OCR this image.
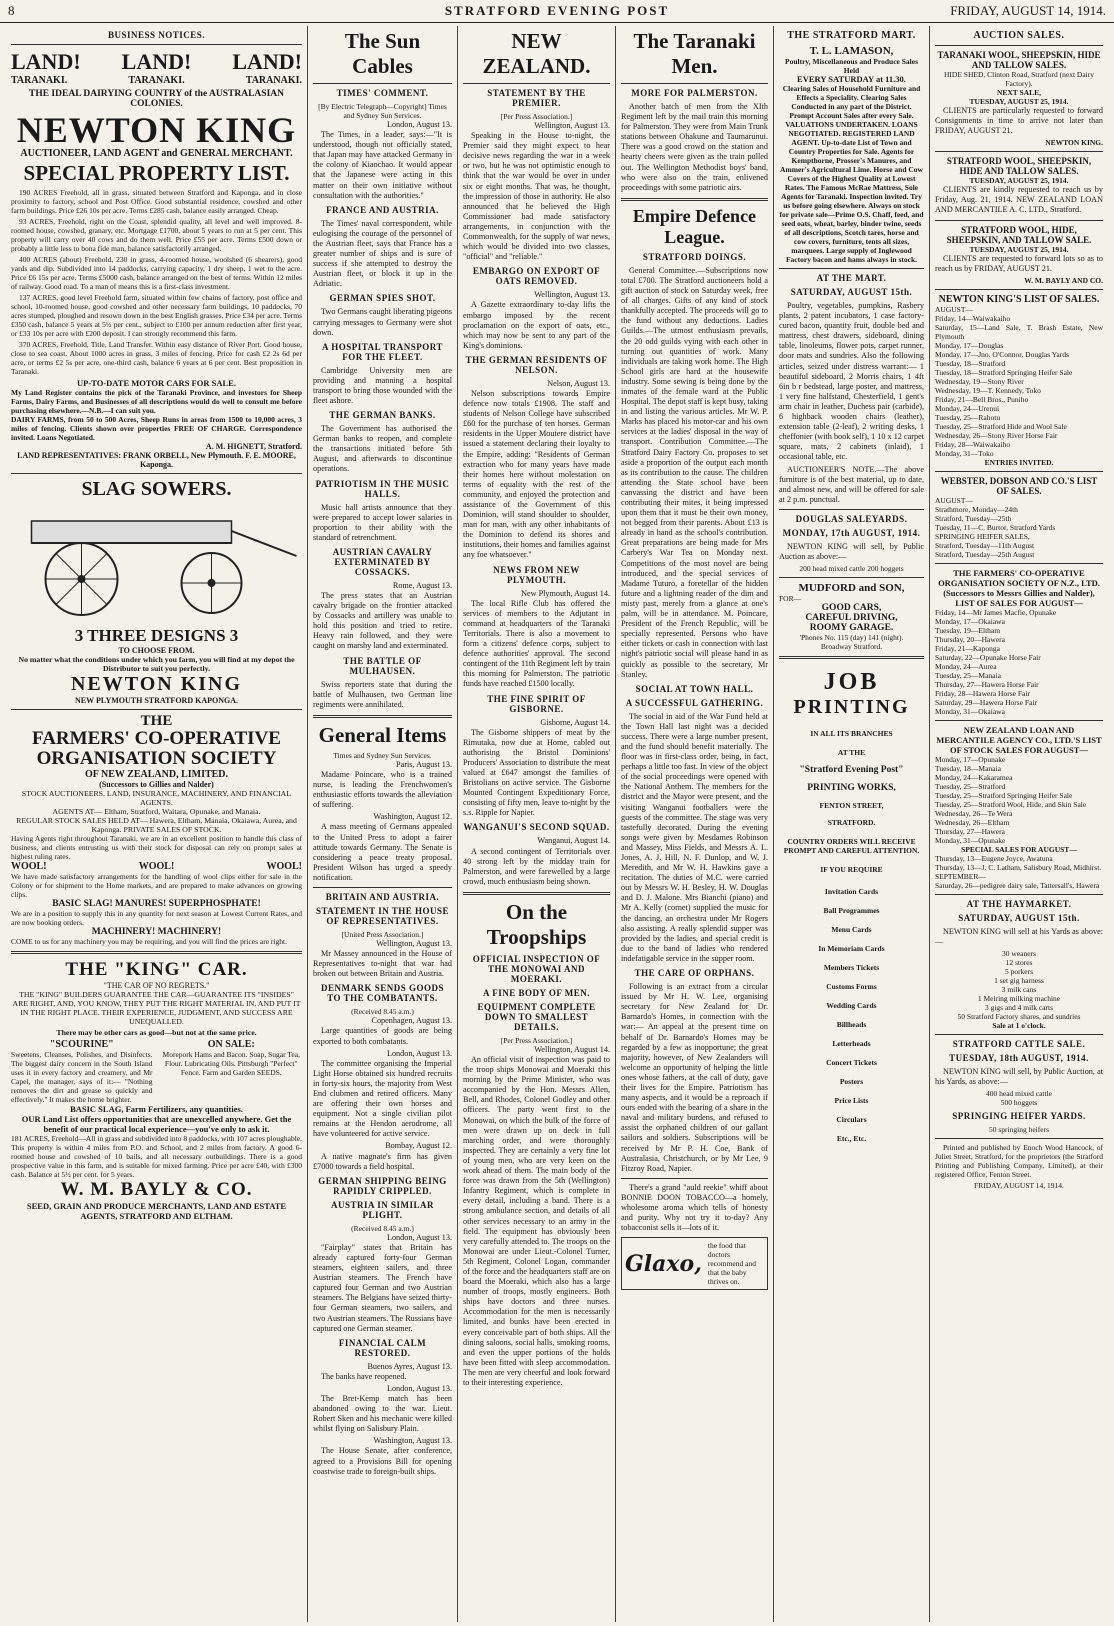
8	STRATFORD EVENING POST	FRIDAY, AUGUST 14, 1914.
BUSINESS NOTICES.
LAND! LAND! LAND!
TARANAKI.	TARANAKI.	TARANAKI.
THE IDEAL DAIRYING COUNTRY of the AUSTRALASIAN COLONIES.
NEWTON KING
AUCTIONEER, LAND AGENT and GENERAL MERCHANT.
SPECIAL PROPERTY LIST.

190 ACRES Freehold, all in grass, situated between Stratford and Kaponga, and in close proximity to factory, school and Post Office. Good substantial residence, cowshed and other farm buildings. Price £26 10s per acre. Terms £285 cash, balance easily arranged. Cheap.

93 ACRES, Freehold, right on the Coast, splendid quality, all level and well improved. 8-roomed house, cowshed, granary, etc. Mortgage £1700, about 5 years to run at 5 per cent. This property will carry over 40 cows and do them well. Price £55 per acre. Terms £500 down or probably a little less to bona fide man, balance satisfactorily arranged.

400 ACRES (about) Freehold, 230 in grass, 4-roomed house, woolshed (6 shearers), good yards and dip. Subdivided into 14 paddocks, carrying capacity, 1 dry sheep, 1 wet to the acre. Price £6 15s per acre. Terms £5000 cash, balance arranged on the best of terms. Within 12 miles of railway. Good road. To a man of means this is a first-class investment.

137 ACRES, good level Freehold farm, situated within few chains of factory, post office and school, 10-roomed house, good cowshed and other necessary farm buildings, 10 paddocks, 70 acres stumped, ploughed and resown down in the best English grasses. Price £34 per acre. Terms £350 cash, balance 5 years at 5½ per cent., subject to £100 per annum reduction after first year, or £33 10s per acre with £200 deposit. I can strongly recommend this farm.

370 ACRES, Freehold, Title, Land Transfer. Within easy distance of River Port. Good house, close to sea coast. About 1000 acres in grass, 3 miles of fencing. Price for cash £2 2s 6d per acre, or terms £2 5s per acre, one-third cash, balance 6 years at 6 per cent. Best proposition in Taranaki.

UP-TO-DATE MOTOR CARS FOR SALE.
My Land Register contains the pick of the Taranaki Province, and investors for Sheep Farms, Dairy Farms, and Businesses of all descriptions would do well to consult me before purchasing elsewhere.—N.B.—I can suit you.
DAIRY FARMS, from 50 to 500 Acres, Sheep Runs in areas from 1500 to 10,000 acres, 3 miles of fencing. Clients shown over properties FREE OF CHARGE. Correspondence invited. Loans Negotiated.
A. M. HIGNETT, Stratford.
LAND REPRESENTATIVES: FRANK ORBELL, New Plymouth. F. E. MOORE, Kaponga.
SLAG SOWERS.
3 THREE DESIGNS 3
TO CHOOSE FROM.
No matter what the conditions under which you farm, you will find at my depot the Distributor to suit you perfectly.
NEWTON KING
NEW PLYMOUTH STRATFORD KAPONGA.
THE
FARMERS' CO-OPERATIVE
ORGANISATION SOCIETY
OF NEW ZEALAND, LIMITED.
(Successors to Gillies and Nalder)
STOCK AUCTIONEERS, LAND, INSURANCE, MACHINERY, AND FINANCIAL AGENTS.
AGENTS AT— Eltham, Stratford, Waitara, Opunake, and Manaia.
REGULAR STOCK SALES HELD AT— Hawera, Eltham, Manaia, Okaiawa, Aurea, and Kaponga. PRIVATE SALES OF STOCK.
Having Agents right throughout Taranaki, we are in an excellent position to handle this class of business, and clients entrusting us with their stock for disposal can rely on prompt sales at highest ruling rates.
WOOL!	WOOL!	WOOL!
We have made satisfactory arrangements for the handling of wool clips either for sale in the Colony or for shipment to the Home markets, and are prepared to make advances on growing clips.
BASIC SLAG! MANURES! SUPERPHOSPHATE!
We are in a position to supply this in any quantity for next season at Lowest Current Rates, and are now booking orders.
MACHINERY! MACHINERY!
COME to us for any machinery you may be requiring, and you will find the prices are right.
THE "KING" CAR.
"THE CAR OF NO REGRETS."
THE "KING" BUILDERS GUARANTEE THE CAR—GUARANTEE ITS "INSIDES" ARE RIGHT, AND, YOU KNOW, THEY PUT THE RIGHT MATERIAL IN, AND PUT IT IN THE RIGHT PLACE. THEIR EXPERIENCE, JUDGMENT, AND SUCCESS ARE UNEQUALLED.
There may be other cars as good—but not at the same price.
"SCOURINE"
Sweetens, Cleanses, Polishes, and Disinfects. The biggest dairy concern in the South Island uses it in every factory and creamery, and Mr Capel, the manager, says of it:— "Nothing removes the dirt and grease so quickly and effectively." It makes the home brighter.
ON SALE:
Morepork Hams and Bacon. Soap, Sugar Tea, Flour. Lubricating Oils. Pittsburgh "Perfect" Fence. Farm and Garden SEEDS.
BASIC SLAG, Farm Fertilizers, any quantities.
OUR Land List offers opportunities that are unexcelled anywhere. Get the benefit of our practical local experience—you've only to ask it.
181 ACRES, Freehold—All in grass and subdivided into 8 paddocks, with 107 acres ploughable. This property is within 4 miles from P.O. and School, and 2 miles from factory. A good 6-roomed house and cowshed of 10 bails, and all necessary outbuildings. There is a good prospective value in this farm, and is suitable for mixed farming. Price per acre £40, with £300 cash. Balance at 5½ per cent. for 5 years.
W. M. BAYLY & CO.
SEED, GRAIN AND PRODUCE MERCHANTS, LAND AND ESTATE AGENTS, STRATFORD AND ELTHAM.
The Sun Cables
TIMES' COMMENT.
[By Electric Telegraph—Copyright] Times and Sydney Sun Services.
London, August 13.

The Times, in a leader, says:—"It is understood, though not officially stated, that Japan may have attacked Germany in the colony of Kiaochao. It would appear that the Japanese were acting in this matter on their own initiative without consultation with the authorities."

FRANCE AND AUSTRIA.

The Times' naval correspondent, while eulogising the courage of the personnel of the Austrian fleet, says that France has a greater number of ships and is sure of success if she attempted to destroy the Austrian fleet, or block it up in the Adriatic.

GERMAN SPIES SHOT.

Two Germans caught liberating pigeons carrying messages to Germany were shot down.

A HOSPITAL TRANSPORT FOR THE FLEET.

Cambridge University men are providing and manning a hospital transport to bring those wounded with the fleet ashore.

THE GERMAN BANKS.

The Government has authorised the German banks to reopen, and complete the transactions initiated before 5th August, and afterwards to discontinue operations.

PATRIOTISM IN THE MUSIC HALLS.

Music hall artists announce that they were prepared to accept lower salaries in proportion to their ability with the standard of retrenchment.

AUSTRIAN CAVALRY EXTERMINATED BY COSSACKS.
Rome, August 13.

The press states that an Austrian cavalry brigade on the frontier attacked by Cossacks and artillery was unable to hold this position and tried to retire. Heavy rain followed, and they were caught on marshy land and exterminated.

THE BATTLE OF MULHAUSEN.

Swiss reporters state that during the battle of Mulhausen, two German line regiments were annihilated.

General Items
Times and Sydney Sun Services.
Paris, August 13.

Madame Poincare, who is a trained nurse, is leading the Frenchwomen's enthusiastic efforts towards the alleviation of suffering.

Washington, August 12.

A mass meeting of Germans appealed to the United Press to adopt a fairer attitude towards Germany. The Senate is considering a peace treaty proposal. President Wilson has urged a speedy notification.

BRITAIN AND AUSTRIA.
STATEMENT IN THE HOUSE OF REPRESENTATIVES.
[United Press Association.]
Wellington, August 13.

Mr Massey announced in the House of Representatives to-night that war had broken out between Britain and Austria.

DENMARK SENDS GOODS TO THE COMBATANTS.
(Received 8.45 a.m.)
Copenhagen, August 13.

Large quantities of goods are being exported to both combatants.

London, August 13.

The committee organising the Imperial Light Horse obtained six hundred recruits in forty-six hours, the majority from West End clubmen and retired officers. Many are offering their own horses and equipment. Not a single civilian pilot remains at the Hendon aerodrome, all have volunteered for active service.

Bombay, August 12.

A native magnate's firm has given £7000 towards a field hospital.

GERMAN SHIPPING BEING RAPIDLY CRIPPLED.
AUSTRIA IN SIMILAR PLIGHT.
(Received 8.45 a.m.)
London, August 13.

"Fairplay" states that Britain has already captured forty-four German steamers, eighteen sailers, and three Austrian steamers. The French have captured four German and two Austrian steamers. The Belgians have seized thirty-four German steamers, two sailers, and two Austrian steamers. The Russians have captured one German steamer.

FINANCIAL CALM RESTORED.
Buenos Ayres, August 13.

The banks have reopened.

London, August 13.

The Bret-Kemp match has been abandoned owing to the war. Lieut. Robert Sken and his mechanic were killed whilst flying on Salisbury Plain.

Washington, August 13.

The House Senate, after conference, agreed to a Provisions Bill for opening coastwise trade to foreign-built ships.

NEW ZEALAND.
STATEMENT BY THE PREMIER.
[Per Press Association.]
Wellington, August 13.

Speaking in the House to-night, the Premier said they might expect to hear decisive news regarding the war in a week or two, but he was not optimistic enough to think that the war would be over in under six or eight months. That was, he thought, the impression of those in authority. He also announced that he believed the High Commissioner had made satisfactory arrangements, in conjunction with the Commonwealth, for the supply of war news, which would be divided into two classes, "official" and "reliable."

EMBARGO ON EXPORT OF OATS REMOVED.
Wellington, August 13.

A Gazette extraordinary to-day lifts the embargo imposed by the recent proclamation on the export of oats, etc., which may now be sent to any part of the King's dominions.

THE GERMAN RESIDENTS OF NELSON.
Nelson, August 13.

Nelson subscriptions towards Empire defence now totals £1908. The staff and students of Nelson College have subscribed £60 for the purchase of ten horses. German residents in the Upper Moutere district have issued a statement declaring their loyalty to the Empire, adding: "Residents of German extraction who for many years have made their homes here without molestation on terms of equality with the rest of the community, and enjoyed the protection and assistance of the Government of this Dominion, will stand shoulder to shoulder, man for man, with any other inhabitants of the Dominion to defend its shores and institutions, their homes and families against any foe whatsoever."

NEWS FROM NEW PLYMOUTH.
New Plymouth, August 14.

The local Rifle Club has offered the services of members to the Adjutant in command at headquarters of the Taranaki Territorials. There is also a movement to form a citizens' defence corps, subject to defence authorities' approval. The second contingent of the 11th Regiment left by train this morning for Palmerston. The patriotic funds have reached £1500 locally.

THE FINE SPIRIT OF GISBORNE.
Gisborne, August 14.

The Gisborne shippers of meat by the Rimutaka, now due at Home, cabled out authorising the Bristol Dominions' Producers' Association to distribute the meat valued at £647 amongst the families of Bristolians on active service. The Gisborne Mounted Contingent Expeditionary Force, consisting of fifty men, leave to-night by the s.s. Ripple for Napier.

WANGANUI'S SECOND SQUAD.
Wanganui, August 14.

A second contingent of Territorials over 40 strong left by the midday train for Palmerston, and were farewelled by a large crowd, much enthusiasm being shown.

On the Troopships
OFFICIAL INSPECTION OF THE MONOWAI AND MOERAKI.
A FINE BODY OF MEN.
EQUIPMENT COMPLETE DOWN TO SMALLEST DETAILS.
[Per Press Association.]
Wellington, August 14.

An official visit of inspection was paid to the troop ships Monowai and Moeraki this morning by the Prime Minister, who was accompanied by the Hon. Messrs Allen, Bell, and Rhodes, Colonel Godley and other officers. The party went first to the Monowai, on which the bulk of the force of men were drawn up on deck in full marching order, and were thoroughly inspected. They are certainly a very fine lot of young men, who are very keen on the work ahead of them. The main body of the force was drawn from the 5th (Wellington) Infantry Regiment, which is complete in every detail, including a band. There is a strong ambulance section, and details of all other services necessary to an army in the field. The equipment has obviously been very carefully attended to. The troops on the Monowai are under Lieut.-Colonel Turner, 5th Regiment, Colonel Logan, commander of the force and the headquarters staff are on board the Moeraki, which also has a large number of troops, mostly engineers. Both ships have doctors and three nurses. Accommodation for the men is necessarily limited, and bunks have been erected in every conceivable part of both ships. All the dining saloons, social halls, smoking rooms, and even the upper portions of the holds have been fitted with sleep accommodation. The men are very cheerful and look forward to their interesting experience.

The Taranaki Men.
MORE FOR PALMERSTON.

Another batch of men from the XIth Regiment left by the mail train this morning for Palmerston. They were from Main Trunk stations between Ohakune and Taumarunui. There was a good crowd on the station and hearty cheers were given as the train pulled out. The Wellington Methodist boys' band, who were also on the train, enlivened proceedings with some patriotic airs.

Empire Defence League.
STRATFORD DOINGS.

General Committee.—Subscriptions now total £700. The Stratford auctioneers hold a gift auction of stock on Saturday week, free of all charges. Gifts of any kind of stock thankfully accepted. The proceeds will go to the fund without any deductions. Ladies Guilds.—The utmost enthusiasm prevails, the 20 odd guilds vying with each other in turning out quantities of work. Many individuals are taking work home. The High School girls are hard at the housewife industry. Some sewing is being done by the inmates of the female ward at the Public Hospital. The depot staff is kept busy, taking in and listing the various articles. Mr W. P. Marks has placed his motor-car and his own services at the ladies' disposal in the way of transport. Contribution Committee.—The Stratford Dairy Factory Co. proposes to set aside a proportion of the output each month as its contribution to the cause. The children attending the State school have been canvassing the district and have been contributing their mites, it being impressed upon them that it must be their own money, not begged from their parents. About £13 is already in hand as the school's contribution. Great preparations are being made for Mrs Carbery's War Tea on Monday next. Competitions of the most novel are being introduced, and the special services of Madame Tuturo, a foretellar of the hidden future and a lightning reader of the dim and misty past, merely from a glance at one's palm, will be in attendance. M. Poincare, President of the French Republic, will be specially represented. Persons who have either tickets or cash in connection with last night's patriotic social will please hand in as quickly as possible to the secretary, Mr Stanley.

SOCIAL AT TOWN HALL.
A SUCCESSFUL GATHERING.

The social in aid of the War Fund held at the Town Hall last night was a decided success. There were a large number present, and the fund should benefit materially. The floor was in first-class order, being, in fact, perhaps a little too fast. In view of the object of the social proceedings were opened with the National Anthem. The members for the district and the Mayor were present, and the visiting Wanganui footballers were the guests of the committee. The stage was very tastefully decorated. During the evening songs were given by Mesdames Robinson and Massey, Miss Fields, and Messrs A. L. Jones, A. J. Hill, N. F. Dunlop, and W. J. Meredith, and Mr W. H. Hawkins gave a recitation. The duties of M.C. were carried out by Messrs W. H. Besley, H. W. Douglas and D. J. Malone. Mrs Bianchi (piano) and Mr A. Kelly (cornet) supplied the music for the dancing, an orchestra under Mr Rogers also assisting. A really splendid supper was provided by the ladies, and special credit is due to the band of ladies who rendered indefatigable service in the supper room.

THE CARE OF ORPHANS.

Following is an extract from a circular issued by Mr H. W. Lee, organising secretary for New Zealand for Dr. Barnardo's Homes, in connection with the war:— An appeal at the present time on behalf of Dr. Barnardo's Homes may be regarded by a few as inopportune; the great majority, however, of New Zealanders will welcome an opportunity of helping the little ones whose fathers, at the call of duty, gave their lives for the Empire. Patriotism has many aspects, and it would be a reproach if ours ended with the bearing of a share in the naval and military burdens, and refused to assist the orphaned children of our gallant sailors and soldiers. Subscriptions will be received by Mr P. H. Coe, Bank of Australasia, Christchurch, or by Mr Lee, 9 Fitzroy Road, Napier.

There's a grand "auld reekie" whiff about BONNIE DOON TOBACCO—a homely, wholesome aroma which tells of honesty and purity. Why not try it to-day? Any tobacconist sells it—lots of it.

Glaxo,
the food that doctors recommend and that the baby thrives on.
THE STRATFORD MART.
T. L. LAMASON,
Poultry, Miscellaneous and Produce Sales Held
EVERY SATURDAY at 11.30.
Clearing Sales of Household Furniture and Effects a Speciality. Clearing Sales Conducted in any part of the District. Prompt Account Sales after every Sale. VALUATIONS UNDERTAKEN. LOANS NEGOTIATED. REGISTERED LAND AGENT. Up-to-date List of Town and Country Properties for Sale. Agents for Kempthorne, Prosser's Manures, and Ammer's Agricultural Lime. Horse and Cow Covers of the Highest Quality at Lowest Rates. The Famous McRae Mattress, Sole Agents for Taranaki. Inspection invited. Try us before going elsewhere. Always on stock for private sale—Prime O.S. Chaff, feed, and seed oats, wheat, barley, binder twine, seeds of all descriptions, Scotch tares, horse and cow covers, furniture, tents all sizes, marquees. Large supply of Inglewood Factory bacon and hams always in stock.
AT THE MART.
SATURDAY, AUGUST 15th.

Poultry, vegetables, pumpkins, Rasbery plants, 2 patent incubators, 1 case factory-cured bacon, quantity fruit, double bed and mattress, chest drawers, sideboard, dining table, linoleums, flower pots, carpet runner, door mats and sundries. Also the following articles, seized under distress warrant:— 1 beautiful sideboard, 2 Morris chairs, 1 4ft 6in b r bedstead, large poster, and mattress, 1 very fine halfstand, Chesterfield, 1 gent's arm chair in leather, Duchess pair (carbide), 6 highback wooden chairs (leather), extension table (2-leaf), 2 writing desks, 1 cheffonier (with book self), 1 10 x 12 carpet square, mats, 2 cabinets (inlaid), 1 occasional table, etc.

AUCTIONEER'S NOTE.—The above furniture is of the best material, up to date, and almost new, and will be offered for sale at 2 p.m. punctual.

DOUGLAS SALEYARDS.
MONDAY, 17th AUGUST, 1914.

NEWTON KING will sell, by Public Auction as above:—

200 head mixed cattle 200 hoggets
MUDFORD and SON,
FOR—
GOOD CARS,
CAREFUL DRIVING,
ROOMY GARAGE.
'Phones No. 115 (day) 141 (night).
Broadway Stratford.
JOB
PRINTING
IN ALL ITS BRANCHES
AT THE
"Stratford Evening Post"
PRINTING WORKS,
FENTON STREET,
STRATFORD.
COUNTRY ORDERS WILL RECEIVE PROMPT AND CAREFUL ATTENTION.
IF YOU REQUIRE
Invitation Cards
Ball Programmes
Menu Cards
In Memoriam Cards
Members Tickets
Customs Forms
Wedding Cards
Billheads
Letterheads
Concert Tickets
Posters
Price Lists
Circulars
Etc., Etc.
AUCTION SALES.
TARANAKI WOOL, SHEEPSKIN, HIDE AND TALLOW SALES.
HIDE SHED, Clinton Road, Stratford (next Dairy Factory).
NEXT SALE,
TUESDAY, AUGUST 25, 1914.

CLIENTS are particularly requested to forward Consignments in time to arrive not later than FRIDAY, AUGUST 21.

NEWTON KING.
STRATFORD WOOL, SHEEPSKIN, HIDE AND TALLOW SALES.
TUESDAY, AUGUST 25, 1914.

CLIENTS are kindly requested to reach us by Friday, Aug. 21, 1914. NEW ZEALAND LOAN AND MERCANTILE A. C. LTD., Stratford.

STRATFORD WOOL, HIDE, SHEEPSKIN, AND TALLOW SALE.
TUESDAY, AUGUST 25, 1914.

CLIENTS are requested to forward lots so as to reach us by FRIDAY, AUGUST 21.

W. M. BAYLY AND CO.
NEWTON KING'S LIST OF SALES.
AUGUST—
Friday, 14—Waiwakaiho
Saturday, 15—Land Sale, T. Brash Estate, New Plymouth
Monday, 17—Douglas
Monday, 17—Jno. O'Connor, Douglas Yards
Tuesday, 18—Stratford
Tuesday, 18—Stratford Springing Heifer Sale
Wednesday, 19—Stony River
Wednesday, 19—T. Kennedy, Toko
Friday, 21—Bell Bros., Puniho
Monday, 24—Urenui
Tuesday, 25—Rahotu
Tuesday, 25—Stratford Hide and Wool Sale
Wednesday, 26—Stony River Horse Fair
Friday, 28—Waiwakaiho
Monday, 31—Toko
ENTRIES INVITED.
WEBSTER, DOBSON AND CO.'S LIST OF SALES.
AUGUST—
Strathmore, Monday—24th
Stratford, Tuesday—25th
Tuesday, 11—C. Burtor, Stratford Yards
SPRINGING HEIFER SALES,
Stratford, Tuesday—11th August
Stratford, Tuesday—25th August
THE FARMERS' CO-OPERATIVE ORGANISATION SOCIETY OF N.Z., LTD. (Successors to Messrs Gillies and Nalder), LIST OF SALES FOR AUGUST—
Friday, 14—Mr James Macfie, Opunake
Monday, 17—Okaiawa
Tuesday, 19—Eltham
Thursday, 20—Hawera
Friday, 21—Kaponga
Saturday, 22—Opunake Horse Fair
Monday, 24—Aurea
Tuesday, 25—Manaia
Thursday, 27—Hawera Horse Fair
Friday, 28—Hawera Horse Fair
Saturday, 29—Hawera Horse Fair
Monday, 31—Okaiawa
NEW ZEALAND LOAN AND MERCANTILE AGENCY CO., LTD.'S LIST OF STOCK SALES FOR AUGUST—
Monday, 17—Opunake
Tuesday, 18—Manaia
Monday, 24—Kakaramea
Tuesday, 25—Stratford
Tuesday, 25—Stratford Springing Heifer Sale
Tuesday, 25—Stratford Wool, Hide, and Skin Sale
Wednesday, 26—Te Wera
Wednesday, 26—Eltham
Thursday, 27—Hawera
Monday, 31—Opunake
SPECIAL SALES FOR AUGUST—
Thursday, 13—Eugene Joyce, Awatuna
Thursday, 13—J. C. Latham, Salisbury Road, Midhirst.
SEPTEMBER—
Saturday, 26—pedigree dairy sale, Tattersall's, Hawera
AT THE HAYMARKET.
SATURDAY, AUGUST 15th.

NEWTON KING will sell at his Yards as above:—

30 weaners
12 stores
5 porkers
1 set gig harness
3 milk cans
1 Melring milking machine
3 gigs and 4 milk carts
50 Stratford Factory shares, and sundries
Sale at 1 o'clock.
STRATFORD CATTLE SALE.
TUESDAY, 18th AUGUST, 1914.

NEWTON KING will sell, by Public Auction, at his Yards, as above:—

400 head mixed cattle
500 hoggets
SPRINGING HEIFER YARDS.
50 springing heifers

Printed and published by Enoch Wood Hancock, of Juliet Street, Stratford, for the proprietors (the Stratford Printing and Publishing Company, Limited), at their registered Office, Fenton Street.

FRIDAY, AUGUST 14, 1914.
